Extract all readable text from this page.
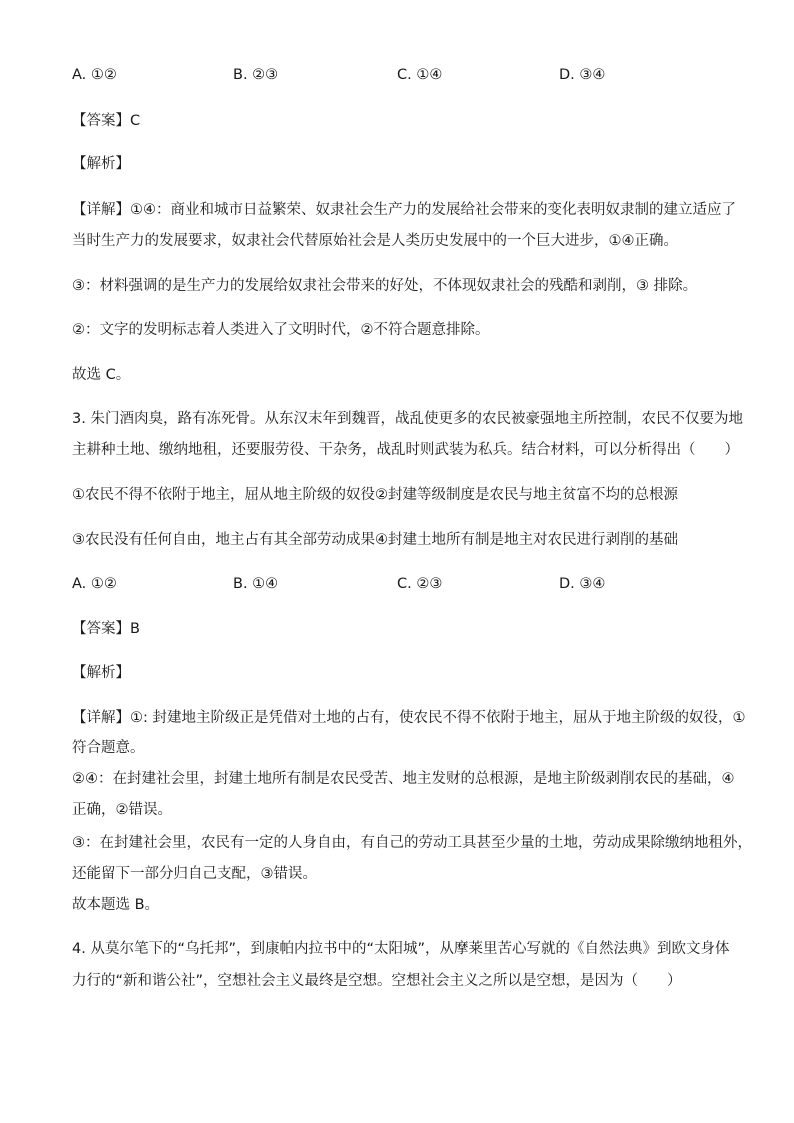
A. ①②	B. ②③	C. ①④	D. ③④
【答案】C
【解析】
【详解】①④：商业和城市日益繁荣、奴隶社会生产力的发展给社会带来的变化表明奴隶制的建立适应了
当时生产力的发展要求，奴隶社会代替原始社会是人类历史发展中的一个巨大进步，①④正确。
③：材料强调的是生产力的发展给奴隶社会带来的好处，不体现奴隶社会的残酷和剥削，③ 排除。
②：文字的发明标志着人类进入了文明时代，②不符合题意排除。
故选 C。
3. 朱门酒肉臭，路有冻死骨。从东汉末年到魏晋，战乱使更多的农民被豪强地主所控制，农民不仅要为地
主耕种土地、缴纳地租，还要服劳役、干杂务，战乱时则武装为私兵。结合材料，可以分析得出（　　）
①农民不得不依附于地主，屈从地主阶级的奴役②封建等级制度是农民与地主贫富不均的总根源
③农民没有任何自由，地主占有其全部劳动成果④封建土地所有制是地主对农民进行剥削的基础
A. ①②	B. ①④	C. ②③	D. ③④
【答案】B
【解析】
【详解】①: 封建地主阶级正是凭借对土地的占有，使农民不得不依附于地主，屈从于地主阶级的奴役，①
符合题意。
②④：在封建社会里，封建土地所有制是农民受苦、地主发财的总根源，是地主阶级剥削农民的基础，④
正确，②错误。
③：在封建社会里，农民有一定的人身自由，有自己的劳动工具甚至少量的土地，劳动成果除缴纳地租外，
还能留下一部分归自己支配，③错误。
故本题选 B。
4. 从莫尔笔下的“乌托邦”，到康帕内拉书中的“太阳城”，从摩莱里苦心写就的《自然法典》到欧文身体
力行的“新和谐公社”，空想社会主义最终是空想。空想社会主义之所以是空想，是因为（　　）
